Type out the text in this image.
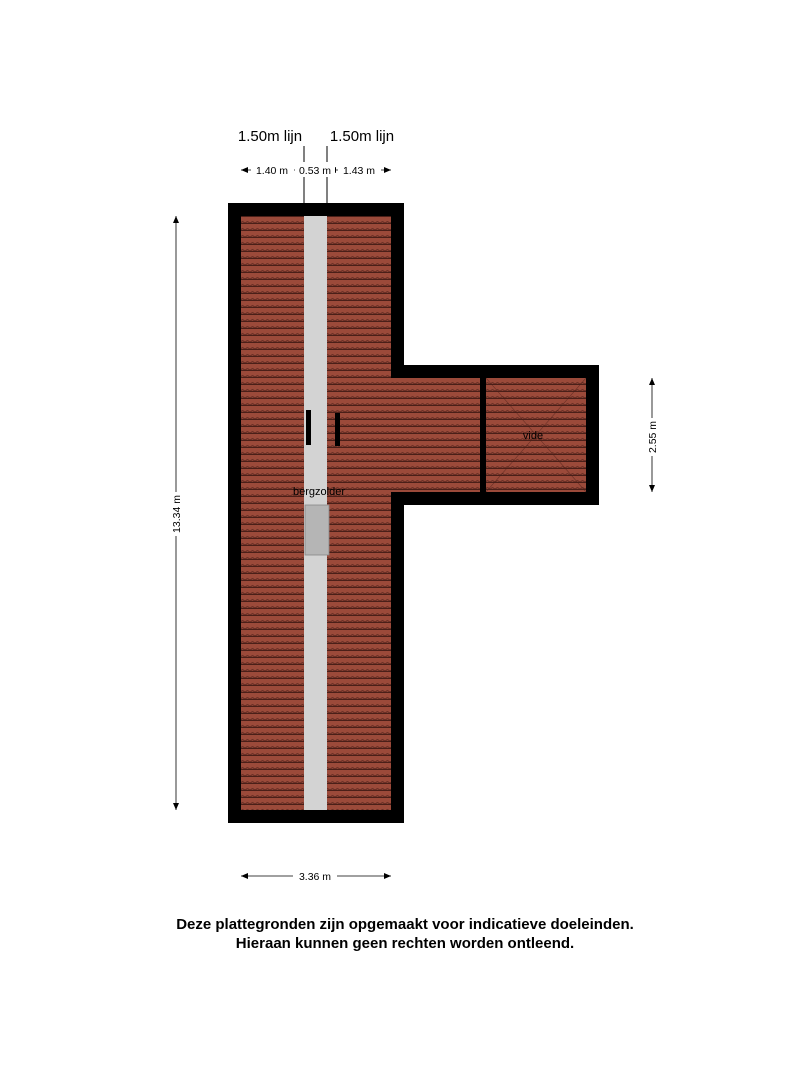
1.50m lijn 1.50m lijn
1.40 m 0.53 m 1.43 m
13.34 m
2.55 m
3.36 m
bergzolder
vide
Deze plattegronden zijn opgemaakt voor indicatieve doeleinden.
Hieraan kunnen geen rechten worden ontleend.
